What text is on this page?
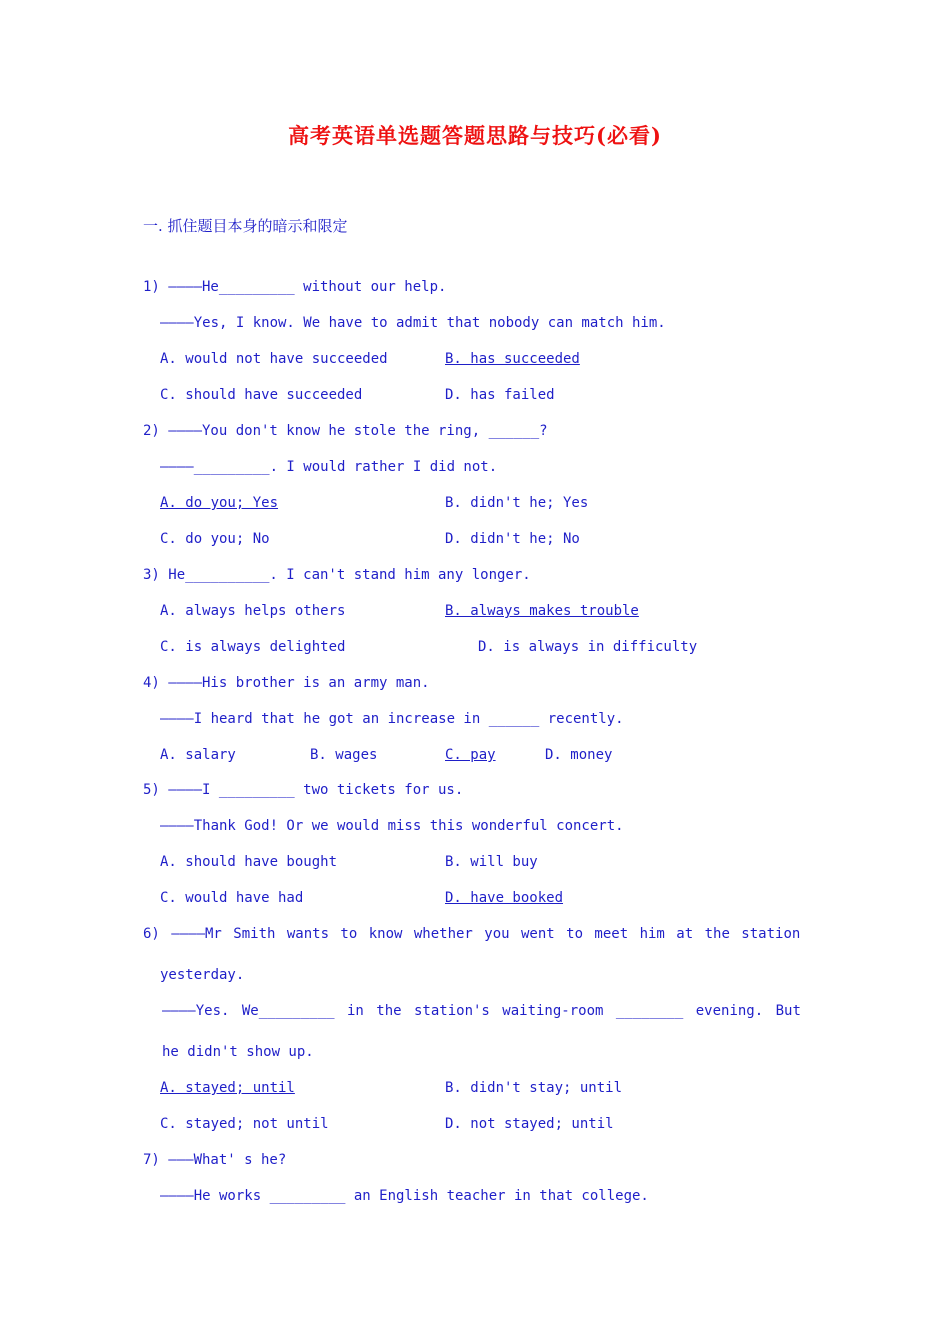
高考英语单选题答题思路与技巧(必看)
一. 抓住题目本身的暗示和限定
1) ————He_________ without our help.
————Yes, I know. We have to admit that nobody can match him.
A. would not have succeeded	B. has succeeded
C. should have succeeded	D. has failed
2) ————You don't know he stole the ring, ______?
————_________. I would rather I did not.
A. do you; Yes	B. didn't he; Yes
C. do you; No	D. didn't he; No
3) He__________. I can't stand him any longer.
A. always helps others	B. always makes trouble
C. is always delighted	D. is always in difficulty
4) ————His brother is an army man.
————I heard that he got an increase in ______ recently.
A. salary	B. wages	C. pay	D. money
5) ————I _________ two tickets for us.
————Thank God! Or we would miss this wonderful concert.
A. should have bought	B. will buy
C. would have had	D. have booked
6) ————Mr Smith wants to know whether you went to meet him at the station
yesterday.
————Yes. We_________ in the station's waiting-room ________ evening. But
he didn't show up.
A. stayed; until	B. didn't stay; until
C. stayed; not until	D. not stayed; until
7) ———What' s he?
————He works _________ an English teacher in that college.
